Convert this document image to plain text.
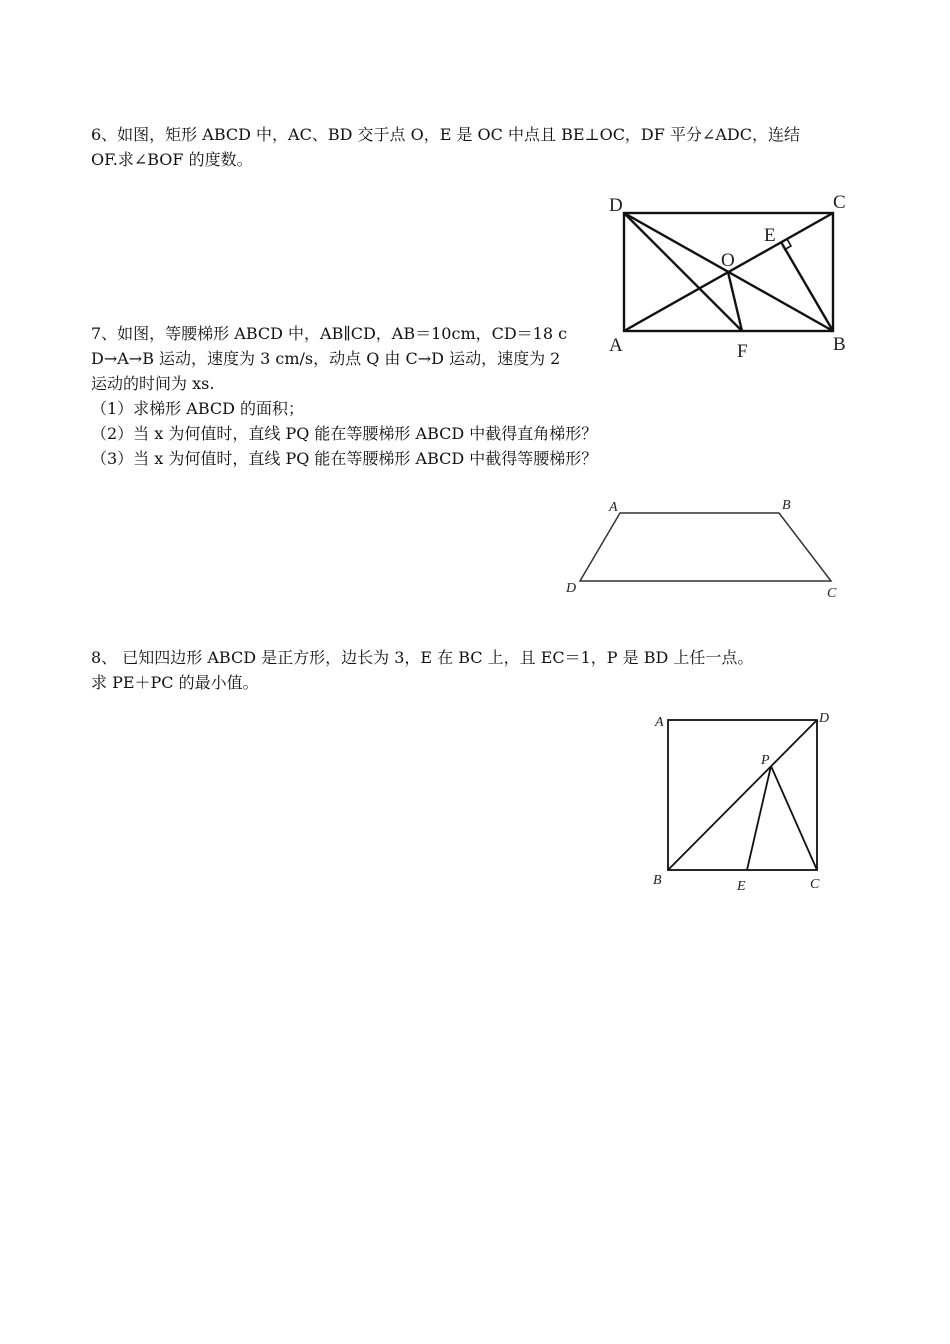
6、如图，矩形 ABCD 中，AC、BD 交于点 O，E 是 OC 中点且 BE⊥OC，DF 平分∠ADC，连结
OF.求∠BOF 的度数。
D	C
A	B
E
O
F
7、如图，等腰梯形 ABCD 中，AB∥CD，AB＝10cm，CD＝18 c
D→A→B 运动，速度为 3 cm/s，动点 Q 由 C→D 运动，速度为 2
运动的时间为 xs.
（1）求梯形 ABCD 的面积；
（2）当 x 为何值时，直线 PQ 能在等腰梯形 ABCD 中截得直角梯形？
（3）当 x 为何值时，直线 PQ 能在等腰梯形 ABCD 中截得等腰梯形？
A	B
C
D
8、 已知四边形 ABCD 是正方形，边长为 3，E 在 BC 上，且 EC＝1，P 是 BD 上任一点。
求 PE＋PC 的最小值。
A	D
P
B	E	C
